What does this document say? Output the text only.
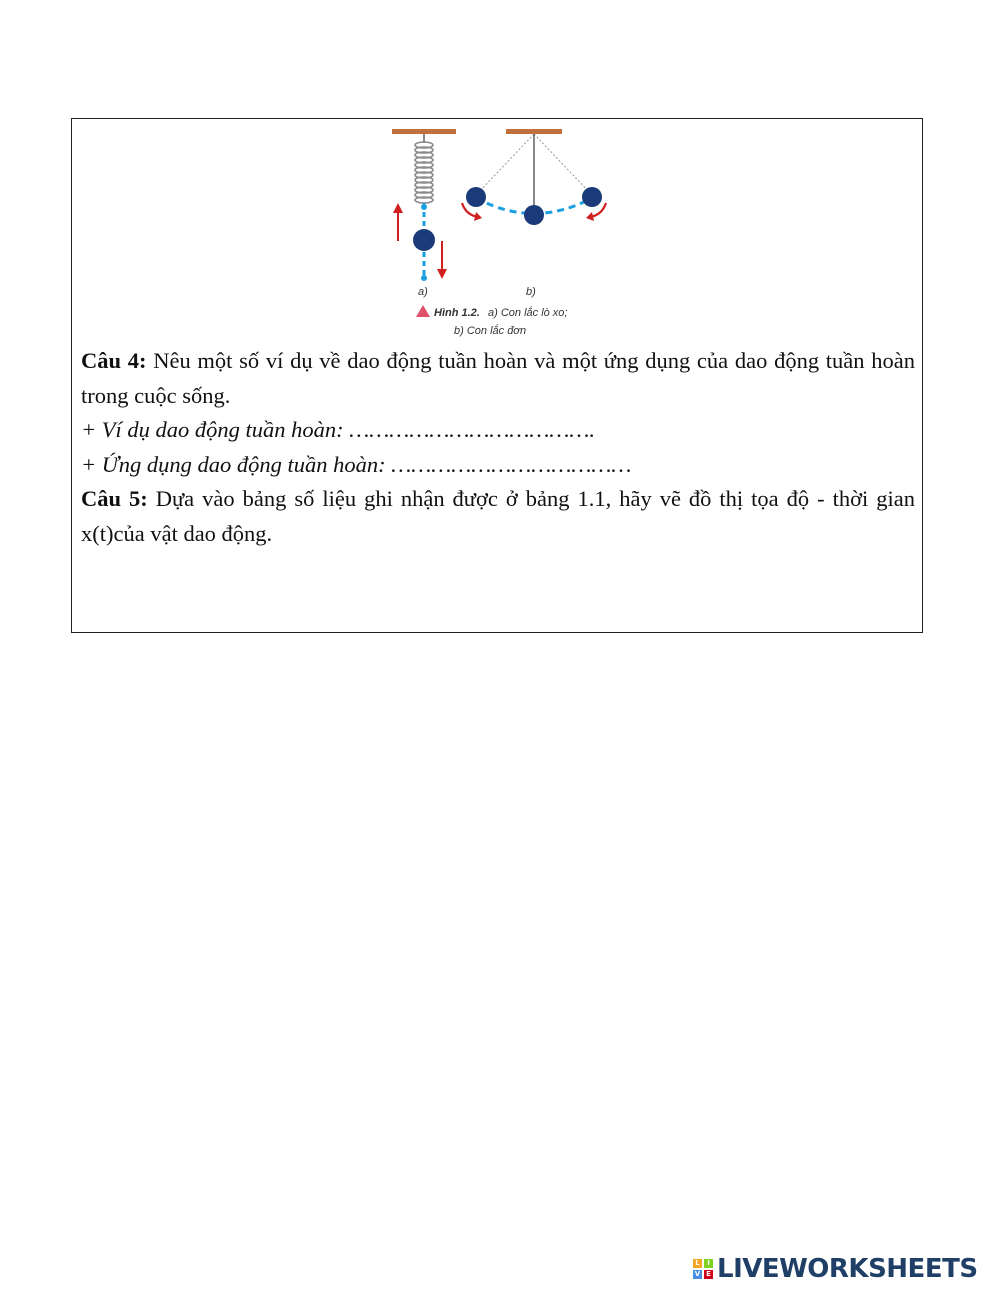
a)	b)
Hình 1.2. a) Con lắc lò xo;
b) Con lắc đơn

Câu 4: Nêu một số ví dụ về dao động tuần hoàn và một ứng dụng của dao động tuần hoàn trong cuộc sống.

+ Ví dụ dao động tuần hoàn: ……………………………….

+ Ứng dụng dao động tuần hoàn: ………………………………

Câu 5: Dựa vào bảng số liệu ghi nhận được ở bảng 1.1, hãy vẽ đồ thị tọa độ - thời gian x(t)của vật dao động.

L	I
V E LIVEWORKSHEETS
